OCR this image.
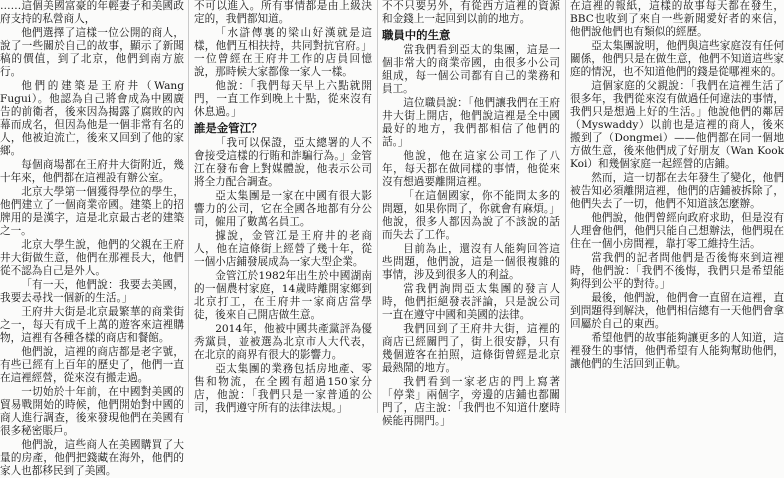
……這個美國富豪的年輕妻子和美國政府支持的私營商人，

他們選擇了這樣一位公開的商人，說了一些關於自己的故事，顯示了新聞稿的價值，到了北京，他們到南方旅行。

他們的建築是王府井（Wang Fugui）。他認為自己將會成為中國廣告的前衛者，後來因為揭露了腐敗的內幕而成名，但因為他是一個非常有名的人，他被迫流亡，後來又回到了他的家鄉。

每個商場都在王府井大街附近，幾十年來，他們都在這裡設有辦公室。

北京大學第一個獲得學位的學生，他們建立了一個商業帝國。建築上的招牌用的是漢字，這是北京最古老的建築之一。

北京大學生說，他們的父親在王府井大街做生意，他們在那裡長大，他們從不認為自己是外人。

「有一天，他們說：我要去美國，我要去尋找一個新的生活。」

王府井大街是北京最繁華的商業街之一，每天有成千上萬的遊客來這裡購物，這裡有各種各樣的商店和餐館。

他們說，這裡的商店都是老字號，有些已經有上百年的歷史了，他們一直在這裡經營，從來沒有搬走過。

一切始於十年前，在中國對美國的貿易戰開始的時候，他們開始對中國的商人進行調查，後來發現他們在美國有很多秘密賬戶。

他們說，這些商人在美國購買了大量的房產，他們把錢藏在海外，他們的家人也都移民到了美國。

不可以進入。所有事情都是由上級決定的，我們都知道。

「水滸傳裏的梁山好漢就是這樣，他們互相扶持，共同對抗官府。」一位曾經在王府井工作的店員回憶說，那時候大家都像一家人一樣。

他說：「我們每天早上六點就開門，一直工作到晚上十點，從來沒有休息過。」

誰是金管江？

「我可以保證，亞太總署的人不會接受這樣的行賄和詐騙行為。」金管江在發布會上對媒體說，他表示公司將全力配合調查。

亞太集團是一家在中國有很大影響力的公司，它在全國各地都有分公司，僱用了數萬名員工。

據說，金管江是王府井的老商人，他在這條街上經營了幾十年，從一個小店鋪發展成為一家大型企業。

金管江於1982年出生於中國湖南的一個農村家庭，14歲時離開家鄉到北京打工，在王府井一家商店當學徒，後來自己開店做生意。

2014年，他被中國共產黨評為優秀黨員，並被選為北京市人大代表，在北京的商界有很大的影響力。

亞太集團的業務包括房地產、零售和物流，在全國有超過150家分店，他說：「我們只是一家普通的公司，我們遵守所有的法律法規。」

不不只要另外，有從西方這裡的資源和金錢上一起回到以前的地方。

職員中的生意

當我們看到亞太的集團，這是一個非常大的商業帝國，由很多小公司組成，每一個公司都有自己的業務和員工。

這位職員說：「他們讓我們在王府井大街上開店，他們說這裡是全中國最好的地方，我們都相信了他們的話。」

他說，他在這家公司工作了八年，每天都在做同樣的事情，他從來沒有想過要離開這裡。

「在這個國家，你不能問太多的問題，如果你問了，你就會有麻煩。」他說，很多人都因為說了不該說的話而失去了工作。

目前為止，還沒有人能夠回答這些問題，他們說，這是一個很複雜的事情，涉及到很多人的利益。

當我們詢問亞太集團的發言人時，他們拒絕發表評論，只是說公司一直在遵守中國和美國的法律。

我們回到了王府井大街，這裡的商店已經關門了，街上很安靜，只有幾個遊客在拍照，這條街曾經是北京最熱鬧的地方。

我們看到一家老店的門上寫著「停業」兩個字，旁邊的店鋪也都關門了，店主說：「我們也不知道什麼時候能再開門。」

在這裡的報紙，這樣的故事每天都在發生，BBC也收到了來自一些新聞愛好者的來信，他們說他們也有類似的經歷。

亞太集團說明，他們與這些家庭沒有任何關係，他們只是在做生意，他們不知道這些家庭的情況，也不知道他們的錢是從哪裡來的。

這個家庭的父親說：「我們在這裡生活了很多年，我們從來沒有做過任何違法的事情，我們只是想過上好的生活。」他說他們的鄰居（Myswaddy）以前也是這裡的商人，後來搬到了（Dongmei）——他們都在同一個地方做生意，後來他們成了好朋友（Wan Kook Koi）和幾個家庭一起經營的店鋪。

然而，這一切都在去年發生了變化，他們被告知必須離開這裡，他們的店鋪被拆除了，他們失去了一切，他們不知道該怎麼辦。

他們說，他們曾經向政府求助，但是沒有人理會他們，他們只能自己想辦法，他們現在住在一個小房間裡，靠打零工維持生活。

當我們的記者問他們是否後悔來到這裡時，他們說：「我們不後悔，我們只是希望能夠得到公平的對待。」

最後，他們說，他們會一直留在這裡，直到問題得到解決，他們相信總有一天他們會拿回屬於自己的東西。

希望他們的故事能夠讓更多的人知道，這裡發生的事情，他們希望有人能夠幫助他們，讓他們的生活回到正軌。
